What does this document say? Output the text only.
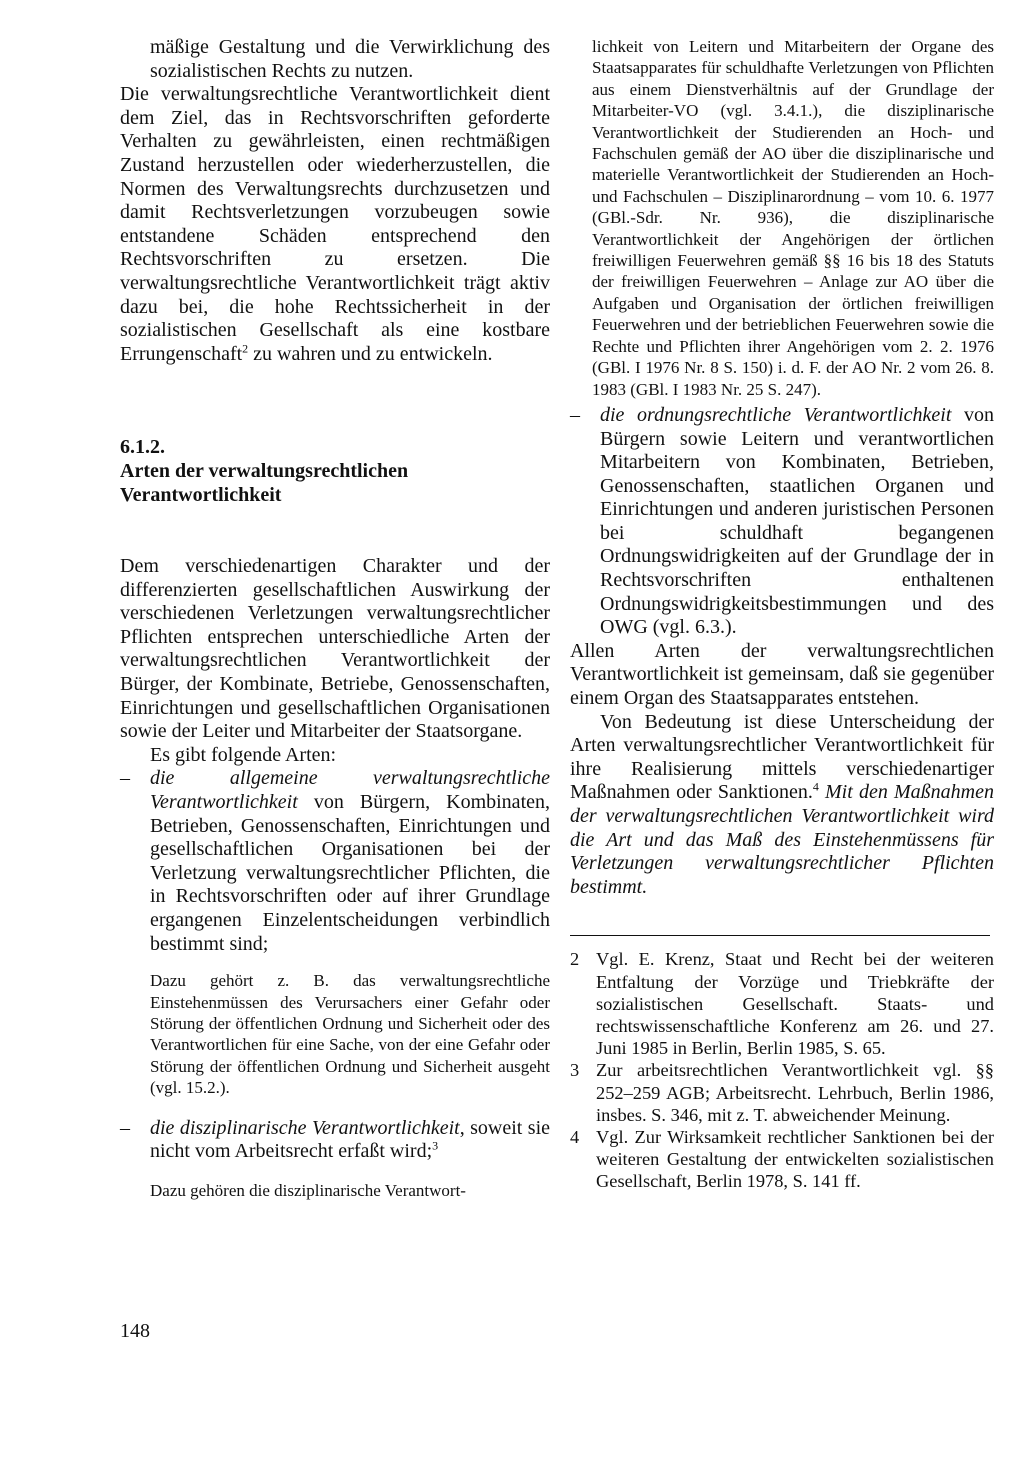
mäßige Gestaltung und die Verwirklichung des sozialistischen Rechts zu nutzen.

Die verwaltungsrechtliche Verantwortlichkeit dient dem Ziel, das in Rechtsvorschriften geforderte Verhalten zu gewährleisten, einen rechtmäßigen Zustand herzustellen oder wiederherzustellen, die Normen des Verwaltungsrechts durchzusetzen und damit Rechtsverletzungen vorzubeugen sowie entstandene Schäden entsprechend den Rechtsvorschriften zu ersetzen. Die verwaltungsrechtliche Verantwortlichkeit trägt aktiv dazu bei, die hohe Rechtssicherheit in der sozialistischen Gesellschaft als eine kostbare Errungenschaft$^2$ zu wahren und zu entwickeln.

6.1.2.

Arten der verwaltungsrechtlichen Verantwortlichkeit

Dem verschiedenartigen Charakter und der differenzierten gesellschaftlichen Auswirkung der verschiedenen Verletzungen verwaltungsrechtlicher Pflichten entsprechen unterschiedliche Arten der verwaltungsrechtlichen Verantwortlichkeit der Bürger, der Kombinate, Betriebe, Genossenschaften, Einrichtungen und gesellschaftlichen Organisationen sowie der Leiter und Mitarbeiter der Staatsorgane.

Es gibt folgende Arten:

– die allgemeine verwaltungsrechtliche Verantwortlichkeit von Bürgern, Kombinaten, Betrieben, Genossenschaften, Einrichtungen und gesellschaftlichen Organisationen bei der Verletzung verwaltungsrechtlicher Pflichten, die in Rechtsvorschriften oder auf ihrer Grundlage ergangenen Einzelentscheidungen verbindlich bestimmt sind;

Dazu gehört z. B. das verwaltungsrechtliche Einstehenmüssen des Verursachers einer Gefahr oder Störung der öffentlichen Ordnung und Sicherheit oder des Verantwortlichen für eine Sache, von der eine Gefahr oder Störung der öffentlichen Ordnung und Sicherheit ausgeht (vgl. 15.2.).

– die disziplinarische Verantwortlichkeit, soweit sie nicht vom Arbeitsrecht erfaßt wird;$^3$

Dazu gehören die disziplinarische Verantwort-

lichkeit von Leitern und Mitarbeitern der Organe des Staatsapparates für schuldhafte Verletzungen von Pflichten aus einem Dienstverhältnis auf der Grundlage der Mitarbeiter-VO (vgl. 3.4.1.), die disziplinarische Verantwortlichkeit der Studierenden an Hoch- und Fachschulen gemäß der AO über die disziplinarische und materielle Verantwortlichkeit der Studierenden an Hoch- und Fachschulen – Disziplinarordnung – vom 10. 6. 1977 (GBl.-Sdr. Nr. 936), die disziplinarische Verantwortlichkeit der Angehörigen der örtlichen freiwilligen Feuerwehren gemäß §§ 16 bis 18 des Statuts der freiwilligen Feuerwehren – Anlage zur AO über die Aufgaben und Organisation der örtlichen freiwilligen Feuerwehren und der betrieblichen Feuerwehren sowie die Rechte und Pflichten ihrer Angehörigen vom 2. 2. 1976 (GBl. I 1976 Nr. 8 S. 150) i. d. F. der AO Nr. 2 vom 26. 8. 1983 (GBl. I 1983 Nr. 25 S. 247).

– die ordnungsrechtliche Verantwortlichkeit von Bürgern sowie Leitern und verantwortlichen Mitarbeitern von Kombinaten, Betrieben, Genossenschaften, staatlichen Organen und Einrichtungen und anderen juristischen Personen bei schuldhaft begangenen Ordnungswidrigkeiten auf der Grundlage der in Rechtsvorschriften enthaltenen Ordnungswidrigkeitsbestimmungen und des OWG (vgl. 6.3.).

Allen Arten der verwaltungsrechtlichen Verantwortlichkeit ist gemeinsam, daß sie gegenüber einem Organ des Staatsapparates entstehen.

Von Bedeutung ist diese Unterscheidung der Arten verwaltungsrechtlicher Verantwortlichkeit für ihre Realisierung mittels verschiedenartiger Maßnahmen oder Sanktionen.$^4$ Mit den Maßnahmen der verwaltungsrechtlichen Verantwortlichkeit wird die Art und das Maß des Einstehenmüssens für Verletzungen verwaltungsrechtlicher Pflichten bestimmt.

2 Vgl. E. Krenz, Staat und Recht bei der weiteren Entfaltung der Vorzüge und Triebkräfte der sozialistischen Gesellschaft. Staats- und rechtswissenschaftliche Konferenz am 26. und 27. Juni 1985 in Berlin, Berlin 1985, S. 65.
3 Zur arbeitsrechtlichen Verantwortlichkeit vgl. §§ 252–259 AGB; Arbeitsrecht. Lehrbuch, Berlin 1986, insbes. S. 346, mit z. T. abweichender Meinung.
4 Vgl. Zur Wirksamkeit rechtlicher Sanktionen bei der weiteren Gestaltung der entwickelten sozialistischen Gesellschaft, Berlin 1978, S. 141 ff.
148
